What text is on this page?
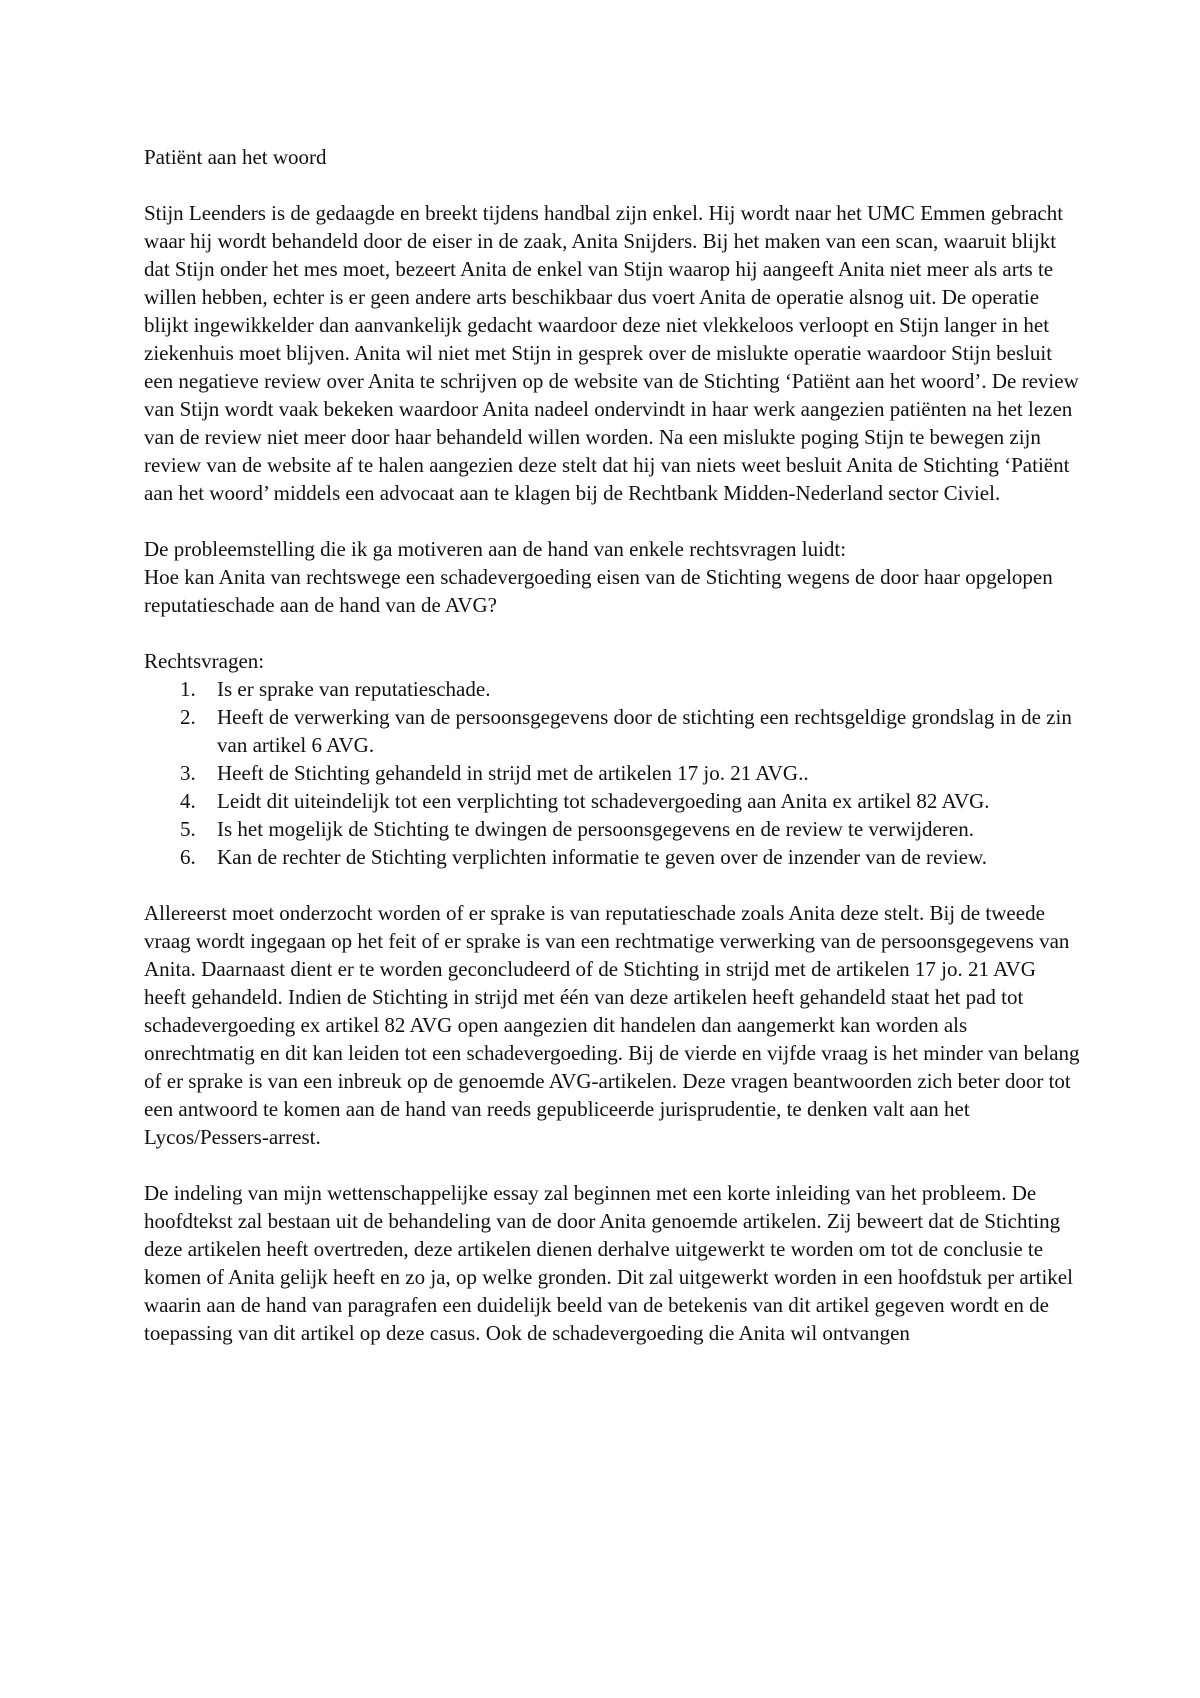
Patiënt aan het woord

Stijn Leenders is de gedaagde en breekt tijdens handbal zijn enkel. Hij wordt naar het UMC Emmen gebracht waar hij wordt behandeld door de eiser in de zaak, Anita Snijders. Bij het maken van een scan, waaruit blijkt dat Stijn onder het mes moet, bezeert Anita de enkel van Stijn waarop hij aangeeft Anita niet meer als arts te willen hebben, echter is er geen andere arts beschikbaar dus voert Anita de operatie alsnog uit. De operatie blijkt ingewikkelder dan aanvankelijk gedacht waardoor deze niet vlekkeloos verloopt en Stijn langer in het ziekenhuis moet blijven. Anita wil niet met Stijn in gesprek over de mislukte operatie waardoor Stijn besluit een negatieve review over Anita te schrijven op de website van de Stichting ‘Patiënt aan het woord’. De review van Stijn wordt vaak bekeken waardoor Anita nadeel ondervindt in haar werk aangezien patiënten na het lezen van de review niet meer door haar behandeld willen worden. Na een mislukte poging Stijn te bewegen zijn review van de website af te halen aangezien deze stelt dat hij van niets weet besluit Anita de Stichting ‘Patiënt aan het woord’ middels een advocaat aan te klagen bij de Rechtbank Midden-Nederland sector Civiel.

De probleemstelling die ik ga motiveren aan de hand van enkele rechtsvragen luidt:

Hoe kan Anita van rechtswege een schadevergoeding eisen van de Stichting wegens de door haar opgelopen reputatieschade aan de hand van de AVG?

Rechtsvragen:

1. Is er sprake van reputatieschade.
2. Heeft de verwerking van de persoonsgegevens door de stichting een rechtsgeldige grondslag in de zin van artikel 6 AVG.
3. Heeft de Stichting gehandeld in strijd met de artikelen 17 jo. 21 AVG..
4. Leidt dit uiteindelijk tot een verplichting tot schadevergoeding aan Anita ex artikel 82 AVG.
5. Is het mogelijk de Stichting te dwingen de persoonsgegevens en de review te verwijderen.
6. Kan de rechter de Stichting verplichten informatie te geven over de inzender van de review.

Allereerst moet onderzocht worden of er sprake is van reputatieschade zoals Anita deze stelt. Bij de tweede vraag wordt ingegaan op het feit of er sprake is van een rechtmatige verwerking van de persoonsgegevens van Anita. Daarnaast dient er te worden geconcludeerd of de Stichting in strijd met de artikelen 17 jo. 21 AVG heeft gehandeld. Indien de Stichting in strijd met één van deze artikelen heeft gehandeld staat het pad tot schadevergoeding ex artikel 82 AVG open aangezien dit handelen dan aangemerkt kan worden als onrechtmatig en dit kan leiden tot een schadevergoeding. Bij de vierde en vijfde vraag is het minder van belang of er sprake is van een inbreuk op de genoemde AVG-artikelen. Deze vragen beantwoorden zich beter door tot een antwoord te komen aan de hand van reeds gepubliceerde jurisprudentie, te denken valt aan het Lycos/Pessers-arrest.

De indeling van mijn wettenschappelijke essay zal beginnen met een korte inleiding van het probleem. De hoofdtekst zal bestaan uit de behandeling van de door Anita genoemde artikelen. Zij beweert dat de Stichting deze artikelen heeft overtreden, deze artikelen dienen derhalve uitgewerkt te worden om tot de conclusie te komen of Anita gelijk heeft en zo ja, op welke gronden. Dit zal uitgewerkt worden in een hoofdstuk per artikel waarin aan de hand van paragrafen een duidelijk beeld van de betekenis van dit artikel gegeven wordt en de toepassing van dit artikel op deze casus. Ook de schadevergoeding die Anita wil ontvangen
